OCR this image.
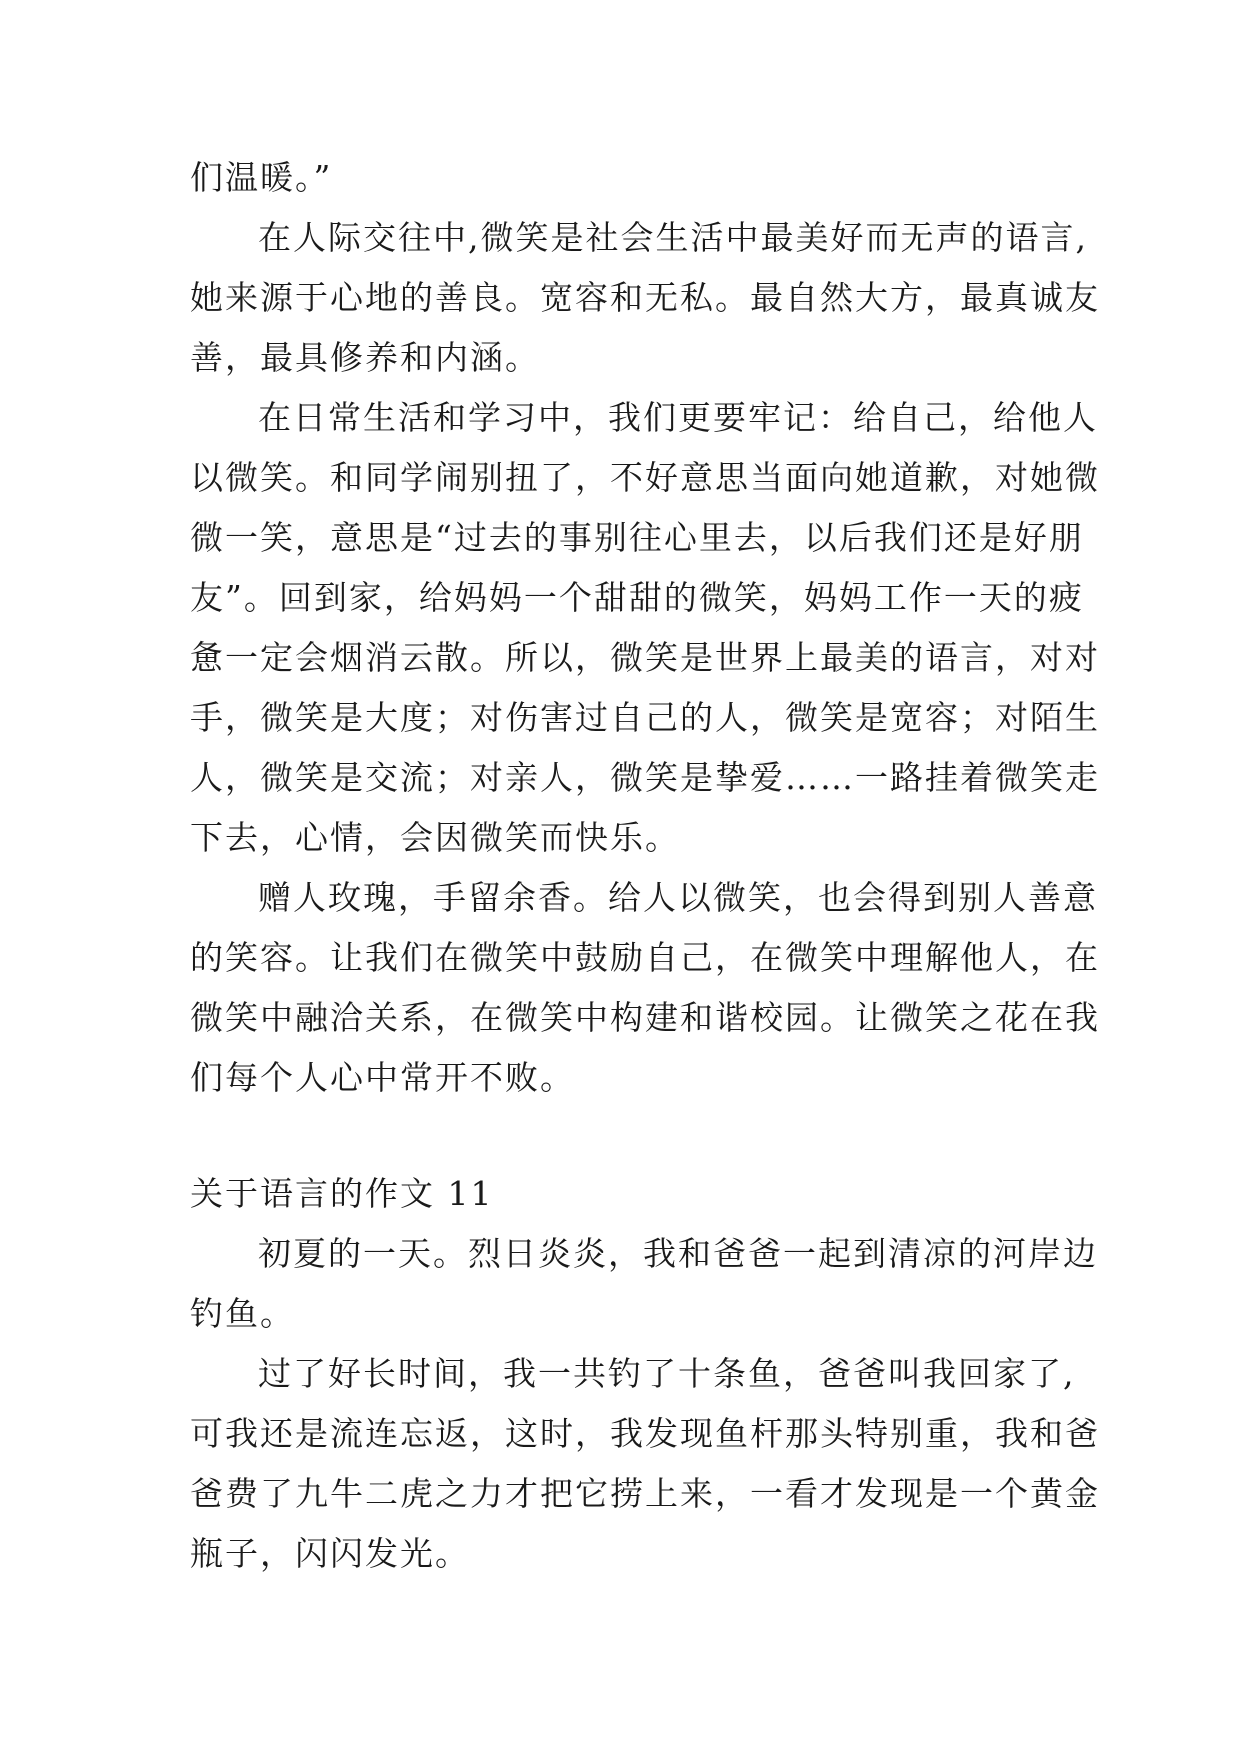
们温暖。”
在人际交往中,微笑是社会生活中最美好而无声的语言,
她来源于心地的善良。宽容和无私。最自然大方，最真诚友
善，最具修养和内涵。
在日常生活和学习中，我们更要牢记：给自己，给他人
以微笑。和同学闹别扭了，不好意思当面向她道歉，对她微
微一笑，意思是“过去的事别往心里去，以后我们还是好朋
友”。回到家，给妈妈一个甜甜的微笑，妈妈工作一天的疲
惫一定会烟消云散。所以，微笑是世界上最美的语言，对对
手，微笑是大度；对伤害过自己的人，微笑是宽容；对陌生
人，微笑是交流；对亲人，微笑是挚爱……一路挂着微笑走
下去，心情，会因微笑而快乐。
赠人玫瑰，手留余香。给人以微笑，也会得到别人善意
的笑容。让我们在微笑中鼓励自己，在微笑中理解他人，在
微笑中融洽关系，在微笑中构建和谐校园。让微笑之花在我
们每个人心中常开不败。
关于语言的作文 11
初夏的一天。烈日炎炎，我和爸爸一起到清凉的河岸边
钓鱼。
过了好长时间，我一共钓了十条鱼，爸爸叫我回家了,
可我还是流连忘返，这时，我发现鱼杆那头特别重，我和爸
爸费了九牛二虎之力才把它捞上来，一看才发现是一个黄金
瓶子，闪闪发光。
